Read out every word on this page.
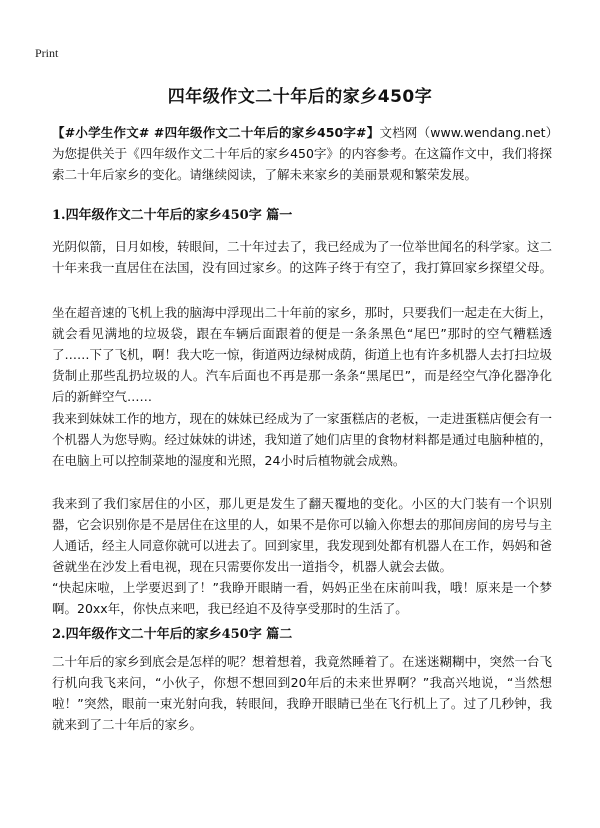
Print
四年级作文二十年后的家乡450字

【#小学生作文# #四年级作文二十年后的家乡450字#】文档网（www.wendang.net）为您提供关于《四年级作文二十年后的家乡450字》的内容参考。在这篇作文中，我们将探索二十年后家乡的变化。请继续阅读，了解未来家乡的美丽景观和繁荣发展。

1.四年级作文二十年后的家乡450字 篇一

光阴似箭，日月如梭，转眼间，二十年过去了，我已经成为了一位举世闻名的科学家。这二十年来我一直居住在法国，没有回过家乡。的这阵子终于有空了，我打算回家乡探望父母。

坐在超音速的飞机上我的脑海中浮现出二十年前的家乡，那时，只要我们一起走在大街上，就会看见满地的垃圾袋，跟在车辆后面跟着的便是一条条黑色“尾巴”那时的空气糟糕透了……下了飞机，啊！我大吃一惊，街道两边绿树成荫，街道上也有许多机器人去打扫垃圾货制止那些乱扔垃圾的人。汽车后面也不再是那一条条“黑尾巴”，而是经空气净化器净化后的新鲜空气……

我来到妹妹工作的地方，现在的妹妹已经成为了一家蛋糕店的老板，一走进蛋糕店便会有一个机器人为您导购。经过妹妹的讲述，我知道了她们店里的食物材料都是通过电脑种植的，在电脑上可以控制菜地的湿度和光照，24小时后植物就会成熟。

我来到了我们家居住的小区，那儿更是发生了翻天覆地的变化。小区的大门装有一个识别器，它会识别你是不是居住在这里的人，如果不是你可以输入你想去的那间房间的房号与主人通话，经主人同意你就可以进去了。回到家里，我发现到处都有机器人在工作，妈妈和爸爸就坐在沙发上看电视，现在只需要你发出一道指令，机器人就会去做。

“快起床啦，上学要迟到了！”我睁开眼睛一看，妈妈正坐在床前叫我，哦！原来是一个梦啊。20xx年，你快点来吧，我已经迫不及待享受那时的生活了。

2.四年级作文二十年后的家乡450字 篇二

二十年后的家乡到底会是怎样的呢？想着想着，我竟然睡着了。在迷迷糊糊中，突然一台飞行机向我飞来问，“小伙子，你想不想回到20年后的未来世界啊？”我高兴地说，“当然想啦！”突然，眼前一束光射向我，转眼间，我睁开眼睛已坐在飞行机上了。过了几秒钟，我就来到了二十年后的家乡。
